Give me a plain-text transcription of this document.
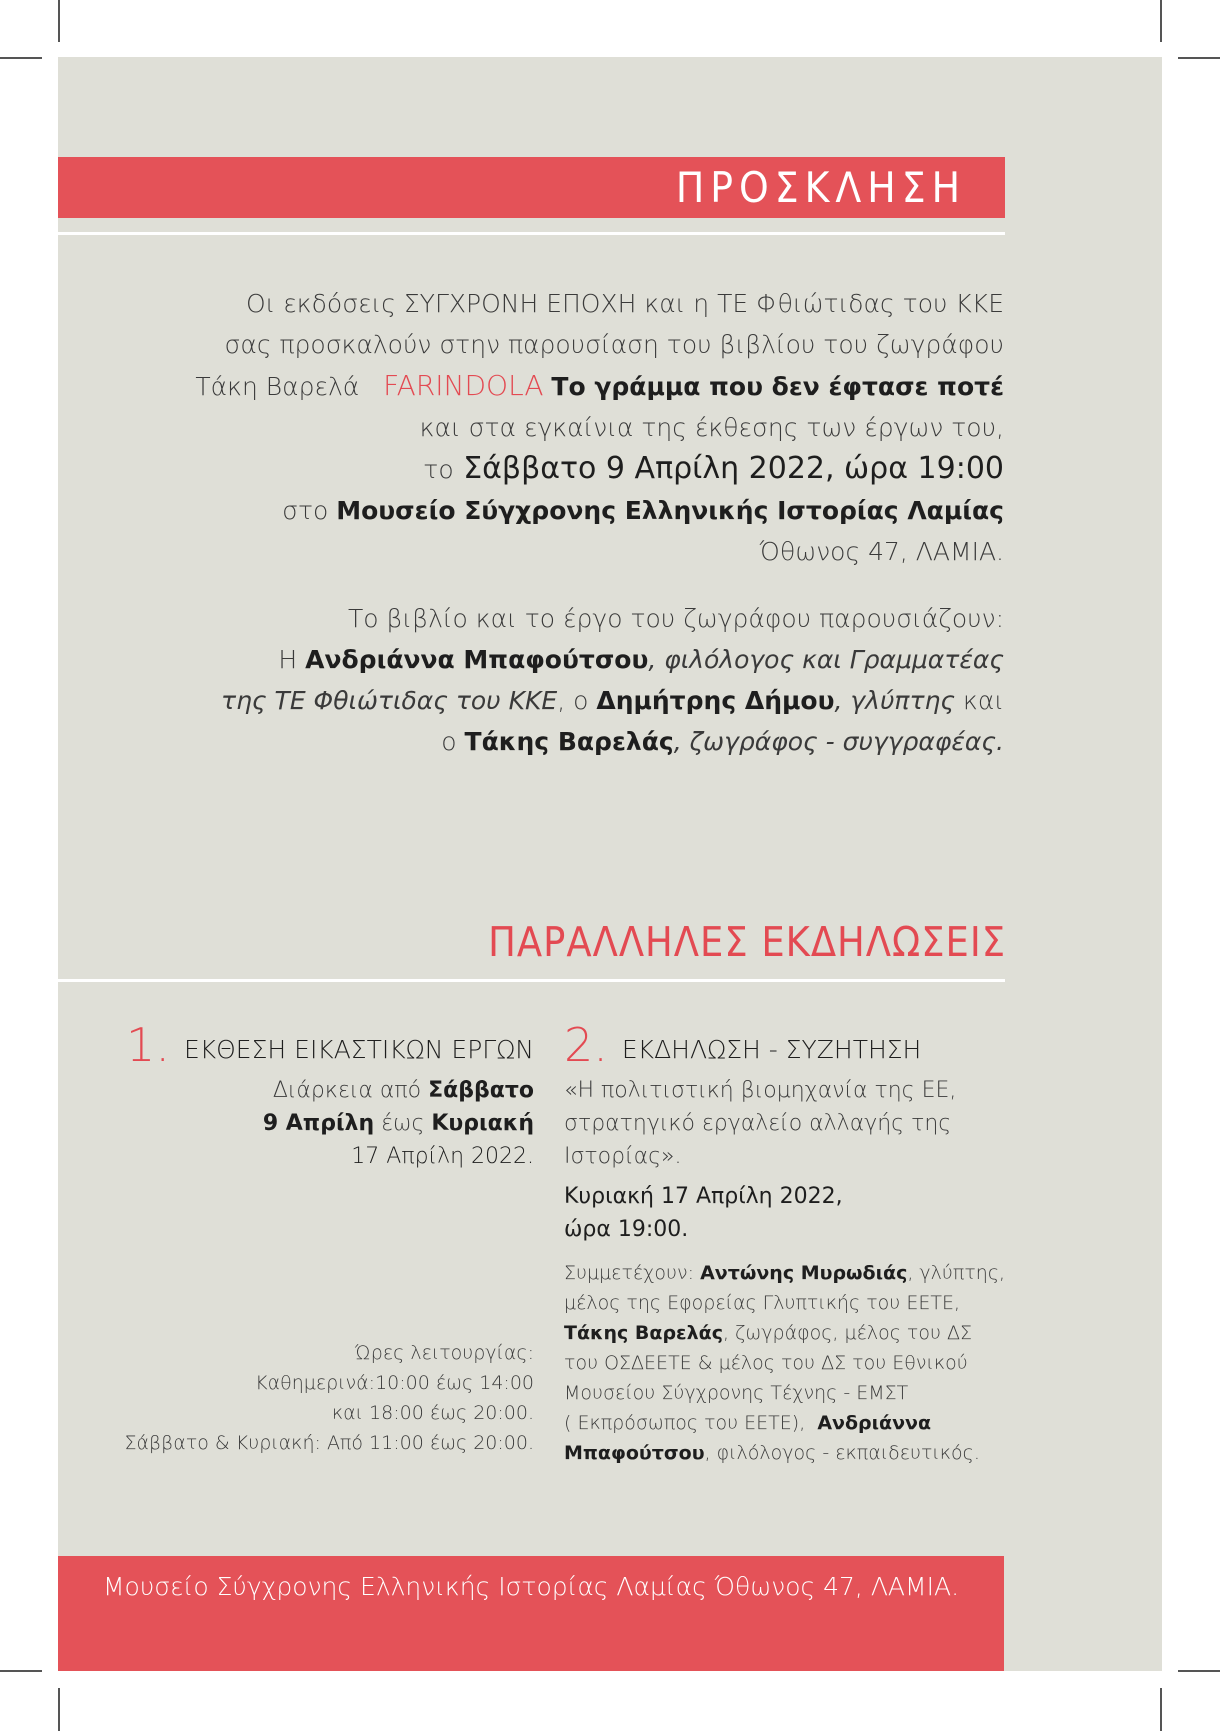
ΠΡΟΣΚΛΗΣΗ

Οι εκδόσεις ΣΥΓΧΡΟΝΗ ΕΠΟΧΗ και η ΤΕ Φθιώτιδας του ΚΚΕ

σας προσκαλούν στην παρουσίαση του βιβλίου του ζωγράφου

Τάκη Βαρελά FARINDOLA Το γράμμα που δεν έφτασε ποτέ

και στα εγκαίνια της έκθεσης των έργων του,

το Σάββατο 9 Απρίλη 2022, ώρα 19:00

στο Μουσείο Σύγχρονης Ελληνικής Ιστορίας Λαμίας

Όθωνος 47, ΛΑΜΙΑ.

Το βιβλίο και το έργο του ζωγράφου παρουσιάζουν:

Η Ανδριάννα Μπαφούτσου, φιλόλογος και Γραμματέας

της ΤΕ Φθιώτιδας του ΚΚΕ, ο Δημήτρης Δήμου, γλύπτης και

ο Τάκης Βαρελάς, ζωγράφος - συγγραφέας.

ΠΑΡΑΛΛΗΛΕΣ ΕΚΔΗΛΩΣΕΙΣ
1. ΕΚΘΕΣΗ ΕΙΚΑΣΤΙΚΩΝ ΕΡΓΩΝ
Διάρκεια από Σάββατο
9 Απρίλη έως Κυριακή
17 Απρίλη 2022.
Ώρες λειτουργίας:
Καθημερινά:10:00 έως 14:00
και 18:00 έως 20:00.
Σάββατο & Κυριακή: Από 11:00 έως 20:00.
2. ΕΚΔΗΛΩΣΗ - ΣΥΖΗΤΗΣΗ
«Η πολιτιστική βιομηχανία της ΕΕ,
στρατηγικό εργαλείο αλλαγής της
Ιστορίας».
Κυριακή 17 Απρίλη 2022,
ώρα 19:00.
Συμμετέχουν: Αντώνης Μυρωδιάς, γλύπτης,
μέλος της Εφορείας Γλυπτικής του ΕΕΤΕ,
Τάκης Βαρελάς, ζωγράφος, μέλος του ΔΣ
του ΟΣΔΕΕΤΕ & μέλος του ΔΣ του Εθνικού
Μουσείου Σύγχρονης Τέχνης - ΕΜΣΤ
( Εκπρόσωπος του ΕΕΤΕ), Ανδριάννα
Μπαφούτσου, φιλόλογος - εκπαιδευτικός.
Μουσείο Σύγχρονης Ελληνικής Ιστορίας Λαμίας Όθωνος 47, ΛΑΜΙΑ.
